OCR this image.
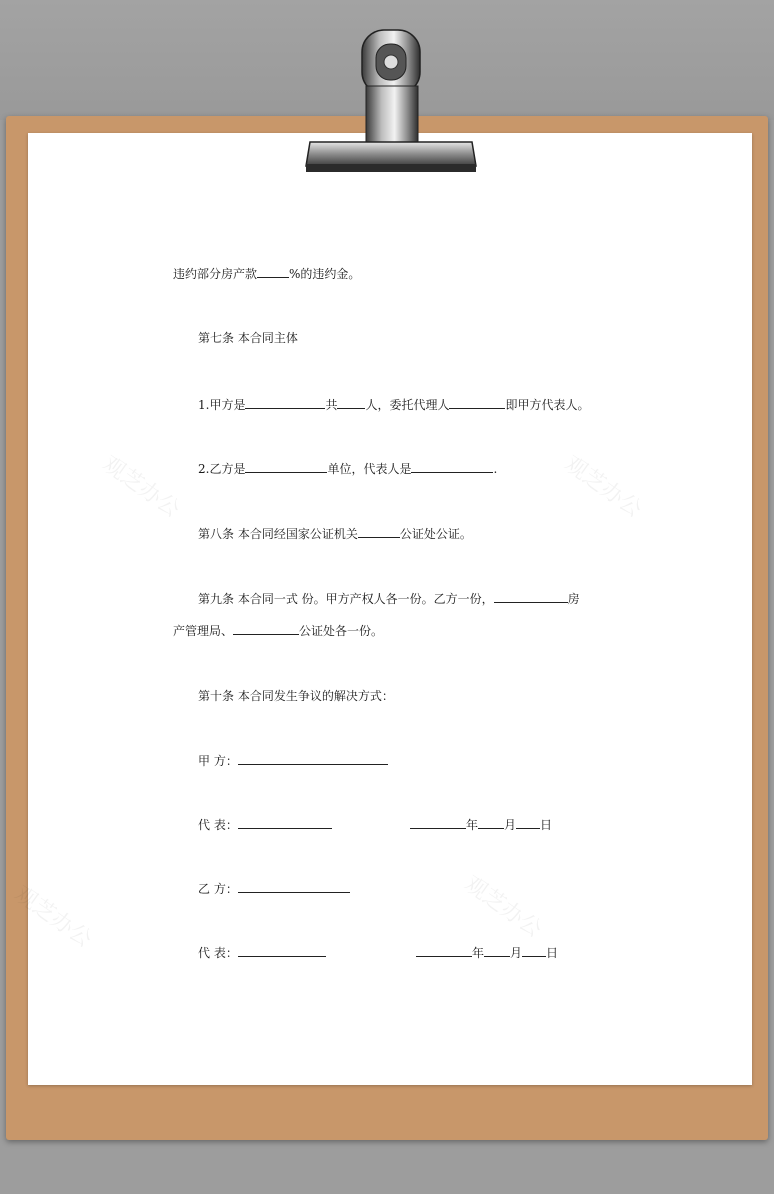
观芝办公	观芝办公
观芝办公	观芝办公
违约部分房产款	%的违约金。
第七条 本合同主体
1.甲方是	共 人，委托代理人	即甲方代表人。
2.乙方是	单位，代表人是	.
第八条 本合同经国家公证机关	公证处公证。
第九条 本合同一式 份。甲方产权人各一份。乙方一份，	房
产管理局、	公证处各一份。
第十条 本合同发生争议的解决方式：
甲 方：
代 表：	年 月 日
乙 方：
代 表：	年 月 日
